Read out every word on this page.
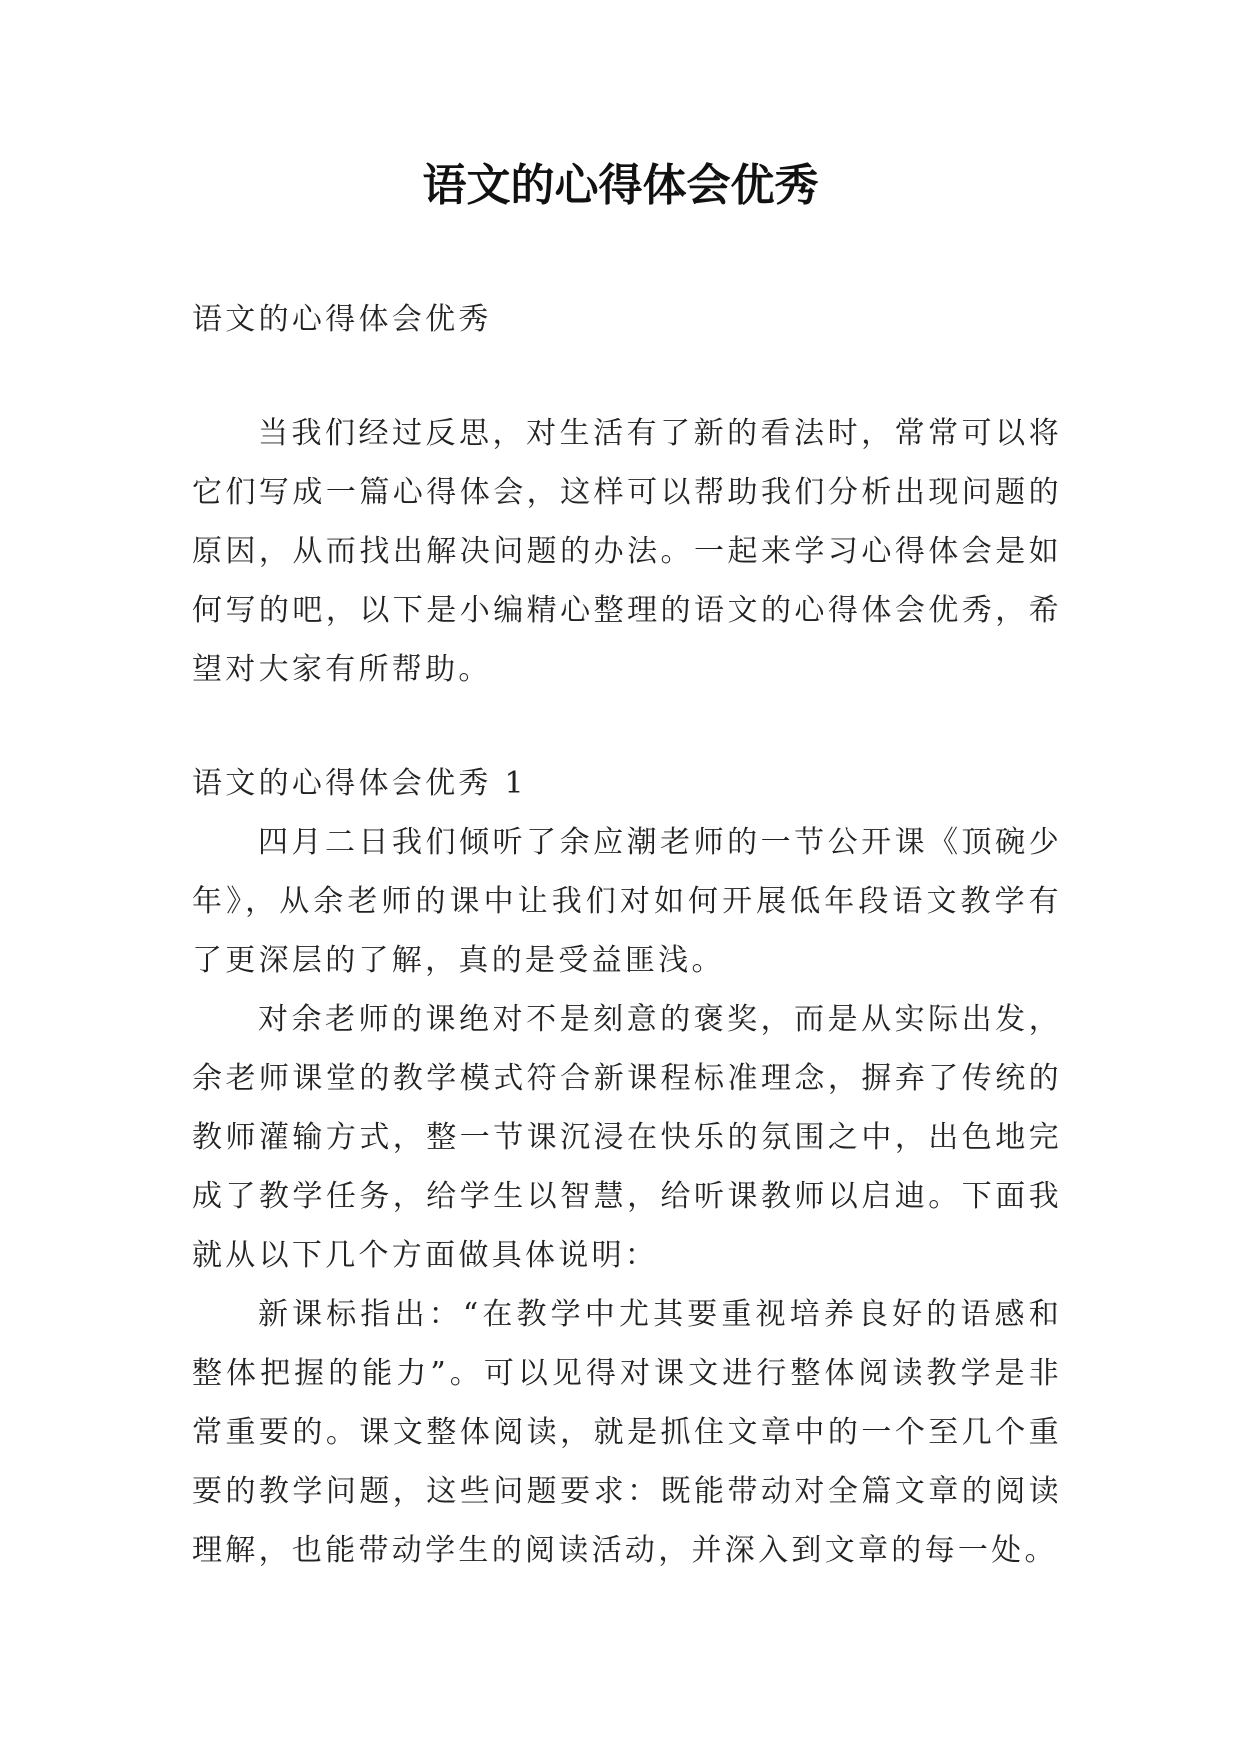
语文的心得体会优秀

语文的心得体会优秀

当我们经过反思，对生活有了新的看法时，常常可以将它们写成一篇心得体会，这样可以帮助我们分析出现问题的原因，从而找出解决问题的办法。一起来学习心得体会是如何写的吧，以下是小编精心整理的语文的心得体会优秀，希望对大家有所帮助。

语文的心得体会优秀 1

四月二日我们倾听了余应潮老师的一节公开课《顶碗少年》，从余老师的课中让我们对如何开展低年段语文教学有了更深层的了解，真的是受益匪浅。

对余老师的课绝对不是刻意的褒奖，而是从实际出发，余老师课堂的教学模式符合新课程标准理念，摒弃了传统的教师灌输方式，整一节课沉浸在快乐的氛围之中，出色地完成了教学任务，给学生以智慧，给听课教师以启迪。下面我就从以下几个方面做具体说明：

新课标指出：“在教学中尤其要重视培养良好的语感和整体把握的能力”。可以见得对课文进行整体阅读教学是非常重要的。课文整体阅读，就是抓住文章中的一个至几个重要的教学问题，这些问题要求：既能带动对全篇文章的阅读理解，也能带动学生的阅读活动，并深入到文章的每一处。
